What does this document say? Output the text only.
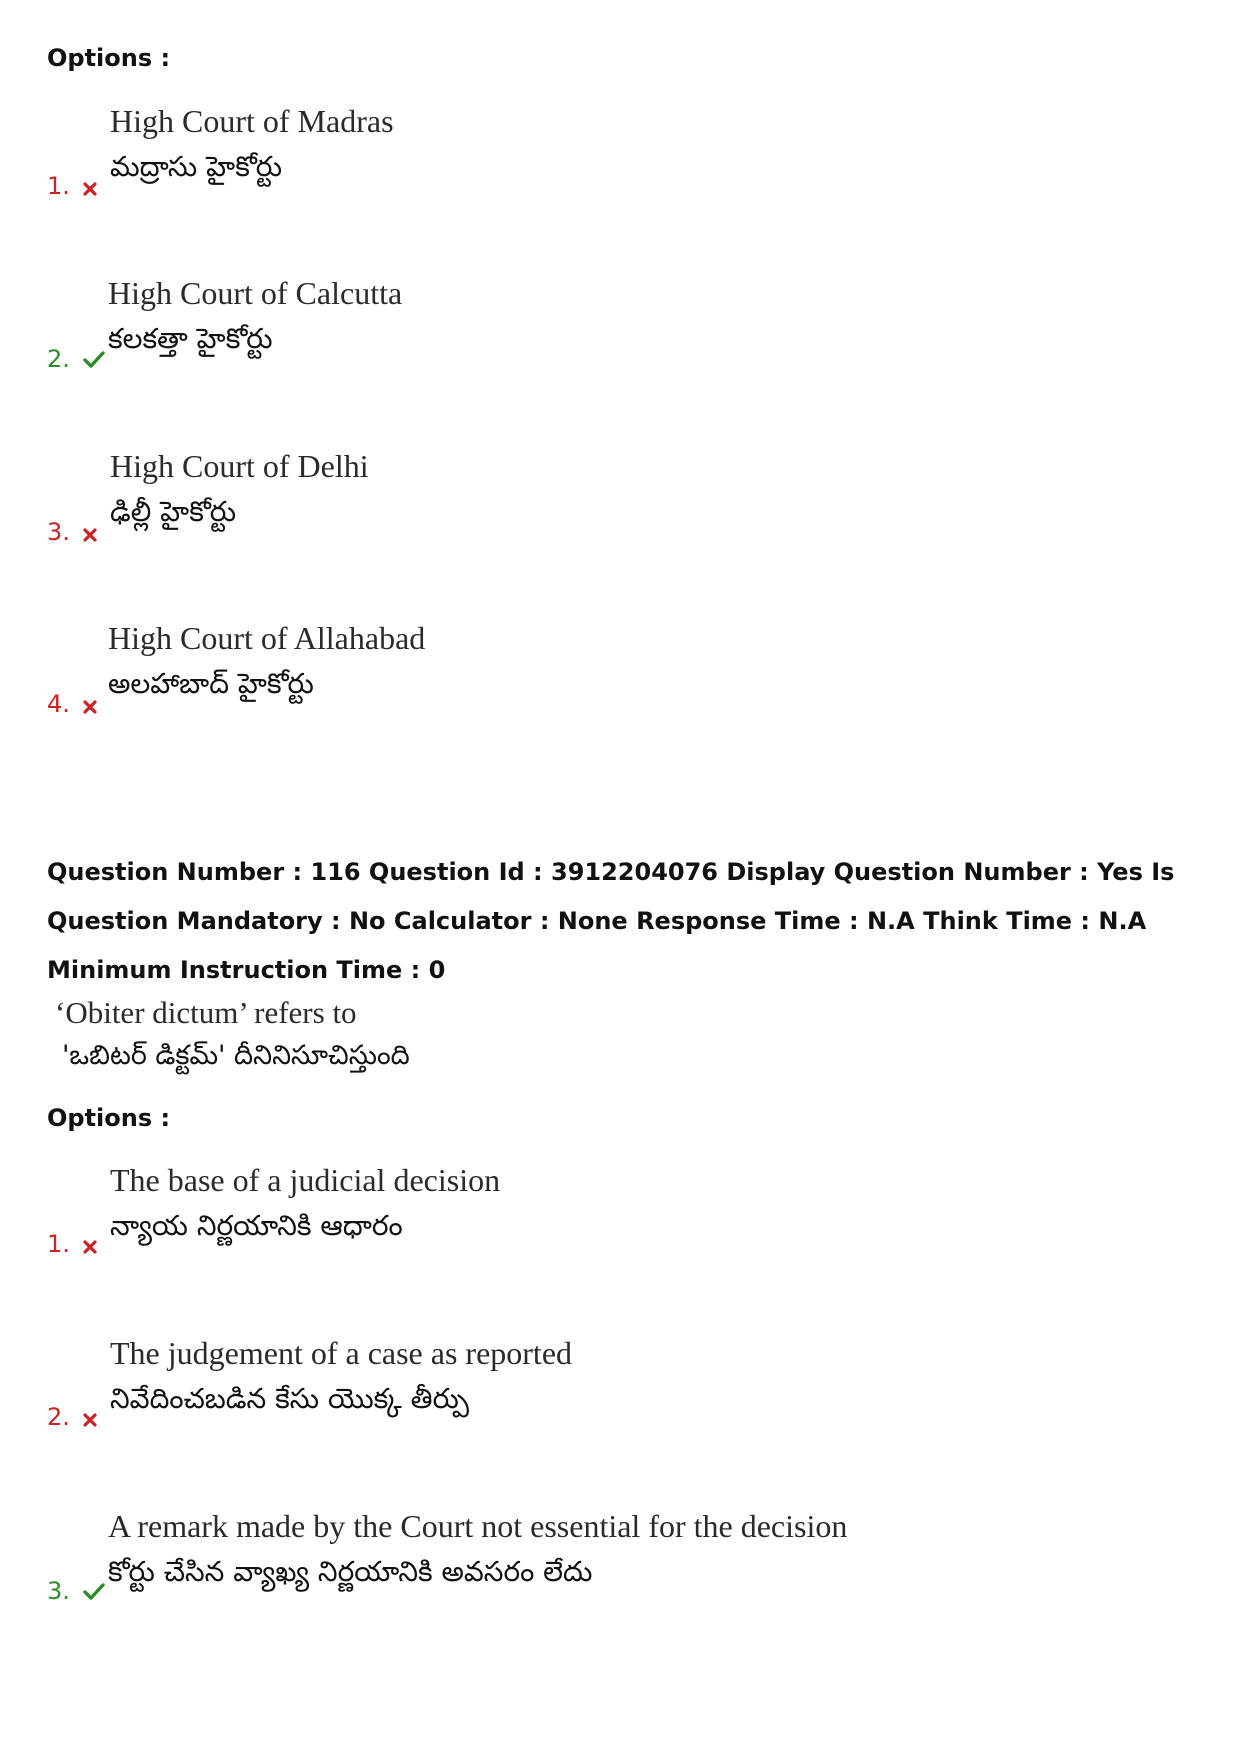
Options :
High Court of Madras
మద్రాసు హైకోర్టు
1.
High Court of Calcutta
కలకత్తా హైకోర్టు
2.
High Court of Delhi
ఢిల్లీ హైకోర్టు
3.
High Court of Allahabad
అలహాబాద్ హైకోర్టు
4.
Question Number : 116 Question Id : 3912204076 Display Question Number : Yes Is Question Mandatory : No Calculator : None Response Time : N.A Think Time : N.A Minimum Instruction Time : 0
‘Obiter dictum’ refers to
'ఒబిటర్ డిక్టమ్' దీనినిసూచిస్తుంది
Options :
The base of a judicial decision
న్యాయ నిర్ణయానికి ఆధారం
1.
The judgement of a case as reported
నివేదించబడిన కేసు యొక్క తీర్పు
2.
A remark made by the Court not essential for the decision
కోర్టు చేసిన వ్యాఖ్య నిర్ణయానికి అవసరం లేదు
3.
